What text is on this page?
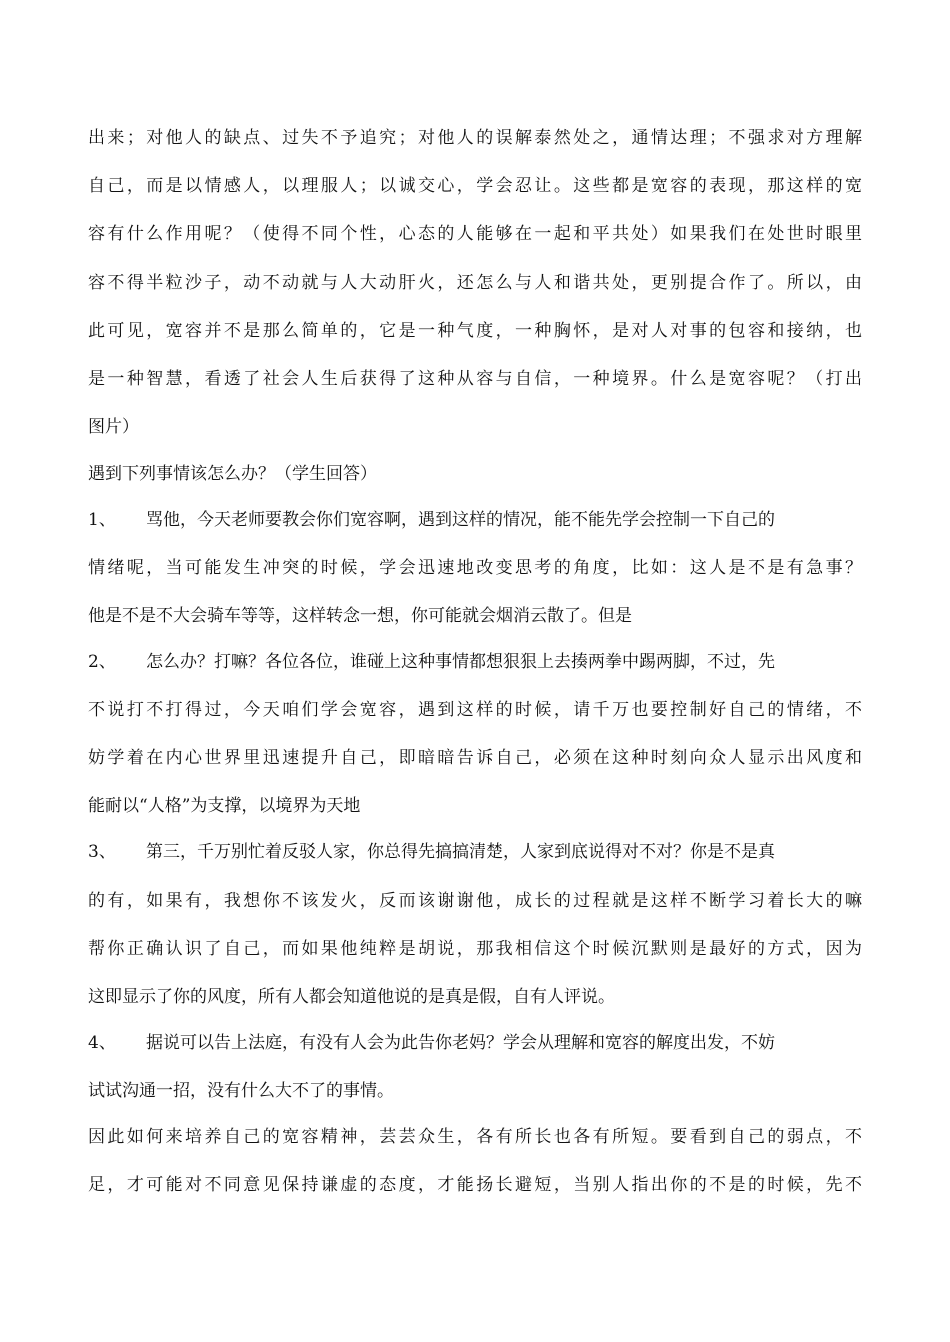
出来；对他人的缺点、过失不予追究；对他人的误解泰然处之，通情达理；不强求对方理解
自己，而是以情感人，以理服人；以诚交心，学会忍让。这些都是宽容的表现，那这样的宽
容有什么作用呢？（使得不同个性，心态的人能够在一起和平共处）如果我们在处世时眼里
容不得半粒沙子，动不动就与人大动肝火，还怎么与人和谐共处，更别提合作了。所以，由
此可见，宽容并不是那么简单的，它是一种气度，一种胸怀，是对人对事的包容和接纳，也
是一种智慧，看透了社会人生后获得了这种从容与自信，一种境界。什么是宽容呢？（打出
图片）
遇到下列事情该怎么办？（学生回答）
1、 骂他，今天老师要教会你们宽容啊，遇到这样的情况，能不能先学会控制一下自己的
情绪呢，当可能发生冲突的时候，学会迅速地改变思考的角度，比如：这人是不是有急事？
他是不是不大会骑车等等，这样转念一想，你可能就会烟消云散了。但是
2、 怎么办？打嘛？各位各位，谁碰上这种事情都想狠狠上去揍两拳中踢两脚，不过，先
不说打不打得过，今天咱们学会宽容，遇到这样的时候，请千万也要控制好自己的情绪，不
妨学着在内心世界里迅速提升自己，即暗暗告诉自己，必须在这种时刻向众人显示出风度和
能耐以“人格”为支撑，以境界为天地
3、 第三，千万别忙着反驳人家，你总得先搞搞清楚，人家到底说得对不对？你是不是真
的有，如果有，我想你不该发火，反而该谢谢他，成长的过程就是这样不断学习着长大的嘛
帮你正确认识了自己，而如果他纯粹是胡说，那我相信这个时候沉默则是最好的方式，因为
这即显示了你的风度，所有人都会知道他说的是真是假，自有人评说。
4、 据说可以告上法庭，有没有人会为此告你老妈？学会从理解和宽容的解度出发，不妨
试试沟通一招，没有什么大不了的事情。
因此如何来培养自己的宽容精神，芸芸众生，各有所长也各有所短。要看到自己的弱点，不
足，才可能对不同意见保持谦虚的态度，才能扬长避短，当别人指出你的不是的时候，先不
